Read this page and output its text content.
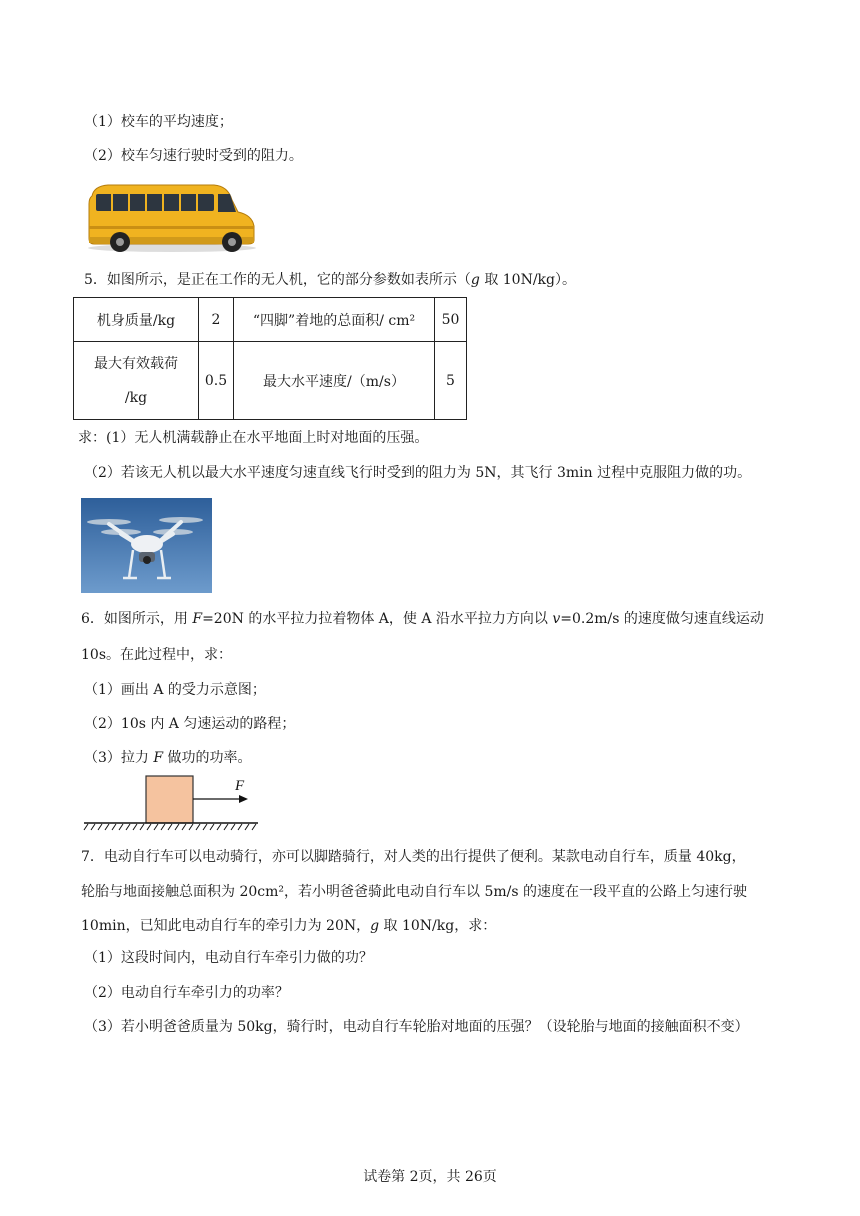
（1）校车的平均速度；
（2）校车匀速行驶时受到的阻力。
5．如图所示，是正在工作的无人机，它的部分参数如表所示（g 取 10N/kg）。
机身质量/kg	2	“四脚”着地的总面积/ cm²	50
最大有效载荷
/kg	0.5	最大水平速度/（m/s）	5
求：(1）无人机满载静止在水平地面上时对地面的压强。
（2）若该无人机以最大水平速度匀速直线飞行时受到的阻力为 5N，其飞行 3min 过程中克服阻力做的功。
6．如图所示，用 F=20N 的水平拉力拉着物体 A，使 A 沿水平拉力方向以 v=0.2m/s 的速度做匀速直线运动
10s。在此过程中，求：
（1）画出 A 的受力示意图；
（2）10s 内 A 匀速运动的路程；
（3）拉力 F 做功的功率。
F
7．电动自行车可以电动骑行，亦可以脚踏骑行，对人类的出行提供了便利。某款电动自行车，质量 40kg，
轮胎与地面接触总面积为 20cm²，若小明爸爸骑此电动自行车以 5m/s 的速度在一段平直的公路上匀速行驶
10min，已知此电动自行车的牵引力为 20N，g 取 10N/kg，求：
（1）这段时间内，电动自行车牵引力做的功？
（2）电动自行车牵引力的功率？
（3）若小明爸爸质量为 50kg，骑行时，电动自行车轮胎对地面的压强？（设轮胎与地面的接触面积不变）
试卷第 2页，共 26页
